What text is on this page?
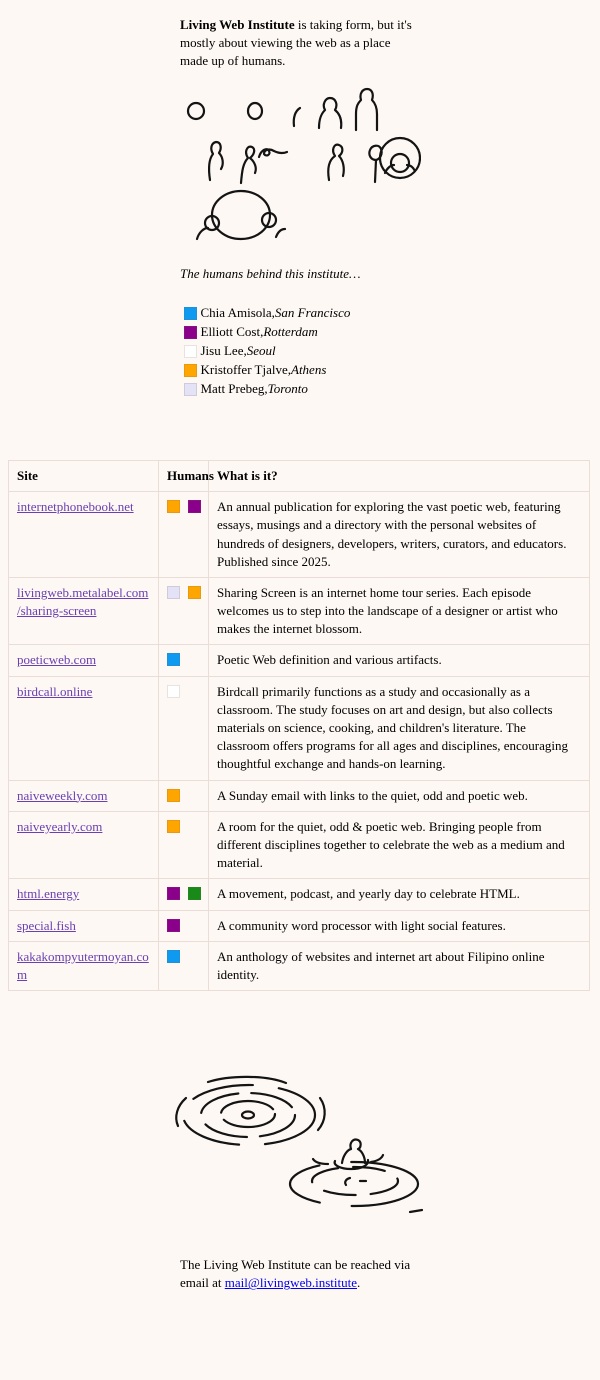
Living Web Institute is taking form, but it's mostly about viewing the web as a place made up of humans.
The humans behind this institute…
Chia Amisola, San Francisco
Elliott Cost, Rotterdam
Jisu Lee, Seoul
Kristoffer Tjalve, Athens
Matt Prebeg, Toronto
Site	Humans	What is it?
internetphonebook.net		An annual publication for exploring the vast poetic web, featuring essays, musings and a directory with the personal websites of hundreds of designers, developers, writers, curators, and educators. Published since 2025.
livingweb.metalabel.com/sharing-screen		Sharing Screen is an internet home tour series. Each episode welcomes us to step into the landscape of a designer or artist who makes the internet blossom.
poeticweb.com		Poetic Web definition and various artifacts.
birdcall.online		Birdcall primarily functions as a study and occasionally as a classroom. The study focuses on art and design, but also collects materials on science, cooking, and children's literature. The classroom offers programs for all ages and disciplines, encouraging thoughtful exchange and hands-on learning.
naiveweekly.com		A Sunday email with links to the quiet, odd and poetic web.
naiveyearly.com		A room for the quiet, odd & poetic web. Bringing people from different disciplines together to celebrate the web as a medium and material.
html.energy		A movement, podcast, and yearly day to celebrate HTML.
special.fish		A community word processor with light social features.
kakakompyutermoyan.com		An anthology of websites and internet art about Filipino online identity.
The Living Web Institute can be reached via email at mail@livingweb.institute.
